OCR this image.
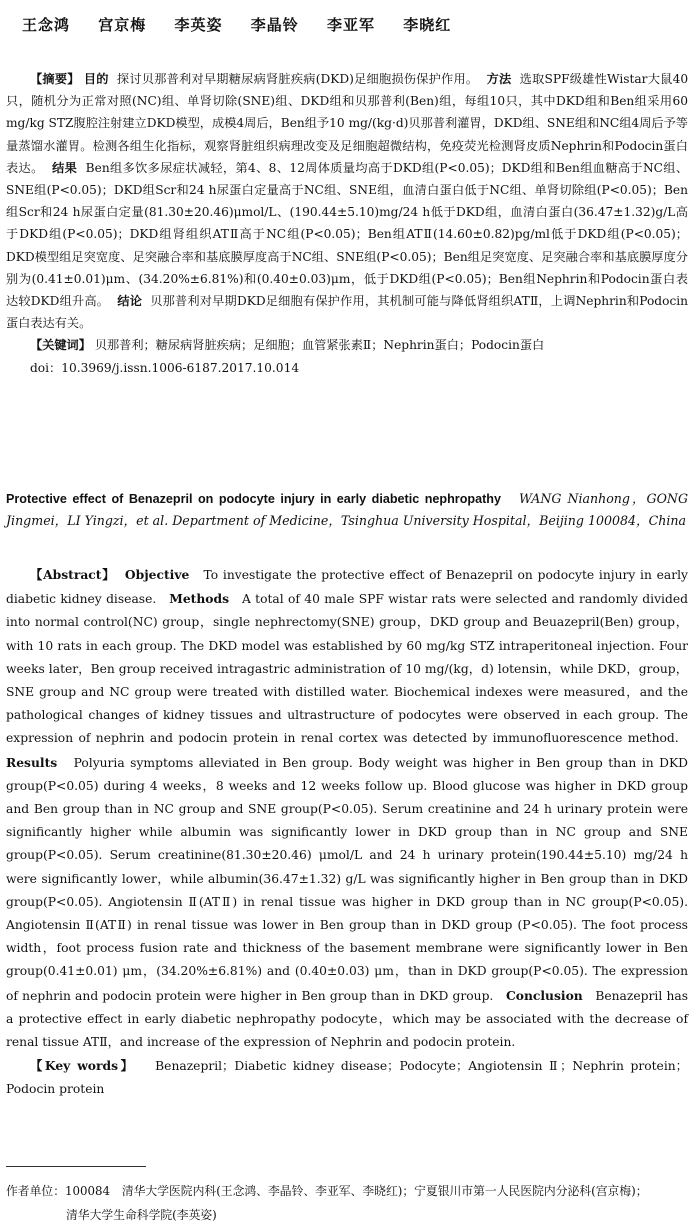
王念鸿 宫京梅 李英姿 李晶铃 李亚军 李晓红

【摘要】 目的 探讨贝那普利对早期糖尿病肾脏疾病(DKD)足细胞损伤保护作用。 方法 选取SPF级雄性Wistar大鼠40只，随机分为正常对照(NC)组、单肾切除(SNE)组、DKD组和贝那普利(Ben)组，每组10只，其中DKD组和Ben组采用60 mg/kg STZ腹腔注射建立DKD模型，成模4周后，Ben组予10 mg/(kg·d)贝那普利灌胃，DKD组、SNE组和NC组4周后予等量蒸馏水灌胃。检测各组生化指标，观察肾脏组织病理改变及足细胞超微结构，免疫荧光检测肾皮质Nephrin和Podocin蛋白表达。 结果 Ben组多饮多尿症状减轻，第4、8、12周体质量均高于DKD组(P<0.05)；DKD组和Ben组血糖高于NC组、SNE组(P<0.05)；DKD组Scr和24 h尿蛋白定量高于NC组、SNE组，血清白蛋白低于NC组、单肾切除组(P<0.05)；Ben组Scr和24 h尿蛋白定量(81.30±20.46)μmol/L、(190.44±5.10)mg/24 h低于DKD组，血清白蛋白(36.47±1.32)g/L高于DKD组(P<0.05)；DKD组肾组织ATⅡ高于NC组(P<0.05)；Ben组ATⅡ(14.60±0.82)pg/ml低于DKD组(P<0.05)；DKD模型组足突宽度、足突融合率和基底膜厚度高于NC组、SNE组(P<0.05)；Ben组足突宽度、足突融合率和基底膜厚度分别为(0.41±0.01)μm、(34.20%±6.81%)和(0.40±0.03)μm，低于DKD组(P<0.05)；Ben组Nephrin和Podocin蛋白表达较DKD组升高。 结论 贝那普利对早期DKD足细胞有保护作用，其机制可能与降低肾组织ATⅡ，上调Nephrin和Podocin蛋白表达有关。

【关键词】 贝那普利；糖尿病肾脏疾病；足细胞；血管紧张素Ⅱ；Nephrin蛋白；Podocin蛋白

doi：10.3969/j.issn.1006-6187.2017.10.014

Protective effect of Benazepril on podocyte injury in early diabetic nephropathy WANG Nianhong，GONG Jingmei，LI Yingzi，et al. Department of Medicine，Tsinghua University Hospital，Beijing 100084，China

【Abstract】 Objective To investigate the protective effect of Benazepril on podocyte injury in early diabetic kidney disease. Methods A total of 40 male SPF wistar rats were selected and randomly divided into normal control(NC) group，single nephrectomy(SNE) group，DKD group and Beuazepril(Ben) group，with 10 rats in each group. The DKD model was established by 60 mg/kg STZ intraperitoneal injection. Four weeks later，Ben group received intragastric administration of 10 mg/(kg，d) lotensin，while DKD，group，SNE group and NC group were treated with distilled water. Biochemical indexes were measured，and the pathological changes of kidney tissues and ultrastructure of podocytes were observed in each group. The expression of nephrin and podocin protein in renal cortex was detected by immunofluorescence method.   Results Polyuria symptoms alleviated in Ben group. Body weight was higher in Ben group than in DKD group(P<0.05) during 4 weeks，8 weeks and 12 weeks follow up. Blood glucose was higher in DKD group and Ben group than in NC group and SNE group(P<0.05). Serum creatinine and 24 h urinary protein were significantly higher while albumin was significantly lower in DKD group than in NC group and SNE group(P<0.05). Serum creatinine(81.30±20.46) μmol/L and 24 h urinary protein(190.44±5.10) mg/24 h were significantly lower，while albumin(36.47±1.32) g/L was significantly higher in Ben group than in DKD group(P<0.05). Angiotensin Ⅱ(ATⅡ) in renal tissue was higher in DKD group than in NC group(P<0.05). Angiotensin Ⅱ(ATⅡ) in renal tissue was lower in Ben group than in DKD group (P<0.05). The foot process width，foot process fusion rate and thickness of the basement membrane were significantly lower in Ben group(0.41±0.01) μm，(34.20%±6.81%) and (0.40±0.03) μm，than in DKD group(P<0.05). The expression of nephrin and podocin protein were higher in Ben group than in DKD group. Conclusion Benazepril has a protective effect in early diabetic nephropathy podocyte，which may be associated with the decrease of renal tissue ATⅡ，and increase of the expression of Nephrin and podocin protein.

【Key words】 Benazepril；Diabetic kidney disease；Podocyte；Angiotensin Ⅱ；Nephrin protein；Podocin protein

作者单位：100084　清华大学医院内科(王念鸿、李晶铃、李亚军、李晓红)；宁夏银川市第一人民医院内分泌科(宫京梅)；

清华大学生命科学院(李英姿)
